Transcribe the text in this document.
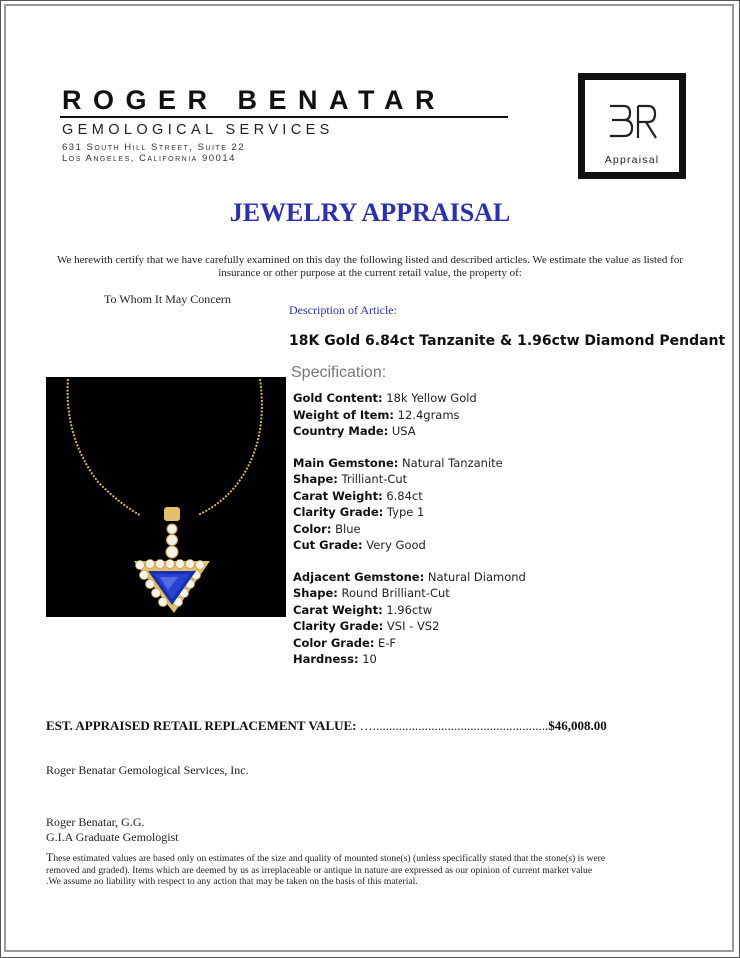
ROGER BENATAR
GEMOLOGICAL SERVICES
631 South Hill Street, Suite 22
Los Angeles, California 90014	Appraisal
JEWELRY APPRAISAL
We herewith certify that we have carefully examined on this day the following listed and described articles. We estimate the value as listed for insurance or other purpose at the current retail value, the property of:
To Whom It May Concern
Description of Article:
18K Gold 6.84ct Tanzanite & 1.96ctw Diamond Pendant
Specification:
Gold Content: 18k Yellow Gold
Weight of Item: 12.4grams
Country Made: USA
Main Gemstone: Natural Tanzanite
Shape: Trilliant-Cut
Carat Weight: 6.84ct
Clarity Grade: Type 1
Color: Blue
Cut Grade: Very Good
Adjacent Gemstone: Natural Diamond
Shape: Round Brilliant-Cut
Carat Weight: 1.96ctw
Clarity Grade: VSI - VS2
Color Grade: E-F
Hardness: 10
EST. APPRAISED RETAIL REPLACEMENT VALUE: …......................................................$46,008.00
Roger Benatar Gemological Services, Inc.
Roger Benatar, G.G.
G.I.A Graduate Gemologist
These estimated values are based only on estimates of the size and quality of mounted stone(s) (unless specifically stated that the stone(s) is were removed and graded). Items which are deemed by us as irreplaceable or antique in nature are expressed as our opinion of current market value .We assume no liability with respect to any action that may be taken on the basis of this material.
